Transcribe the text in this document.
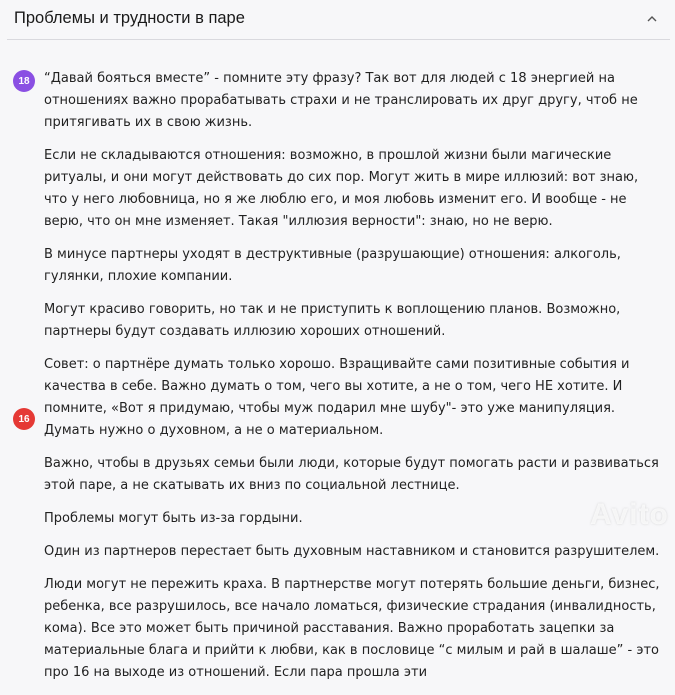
Проблемы и трудности в паре
18
16

“Давай бояться вместе” - помните эту фразу? Так вот для людей с 18 энергией на отношениях важно прорабатывать страхи и не транслировать их друг другу, чтоб не притягивать их в свою жизнь.

Если не складываются отношения: возможно, в прошлой жизни были магические ритуалы, и они могут действовать до сих пор. Могут жить в мире иллюзий: вот знаю, что у него любовница, но я же люблю его, и моя любовь изменит его. И вообще - не верю, что он мне изменяет. Такая "иллюзия верности": знаю, но не верю.

В минусе партнеры уходят в деструктивные (разрушающие) отношения: алкоголь, гулянки, плохие компании.

Могут красиво говорить, но так и не приступить к воплощению планов. Возможно, партнеры будут создавать иллюзию хороших отношений.

Совет: о партнёре думать только хорошо. Взращивайте сами позитивные события и качества в себе. Важно думать о том, чего вы хотите, а не о том, чего НЕ хотите. И помните, «Вот я придумаю, чтобы муж подарил мне шубу"- это уже манипуляция. Думать нужно о духовном, а не о материальном.

Важно, чтобы в друзьях семьи были люди, которые будут помогать расти и развиваться этой паре, а не скатывать их вниз по социальной лестнице.

Проблемы могут быть из-за гордыни.

Один из партнеров перестает быть духовным наставником и становится разрушителем.

Люди могут не пережить краха. В партнерстве могут потерять большие деньги, бизнес, ребенка, все разрушилось, все начало ломаться, физические страдания (инвалидность, кома). Все это может быть причиной расставания. Важно проработать зацепки за материальные блага и прийти к любви, как в пословице “с милым и рай в шалаше” - это про 16 на выходе из отношений. Если пара прошла эти

Avito
